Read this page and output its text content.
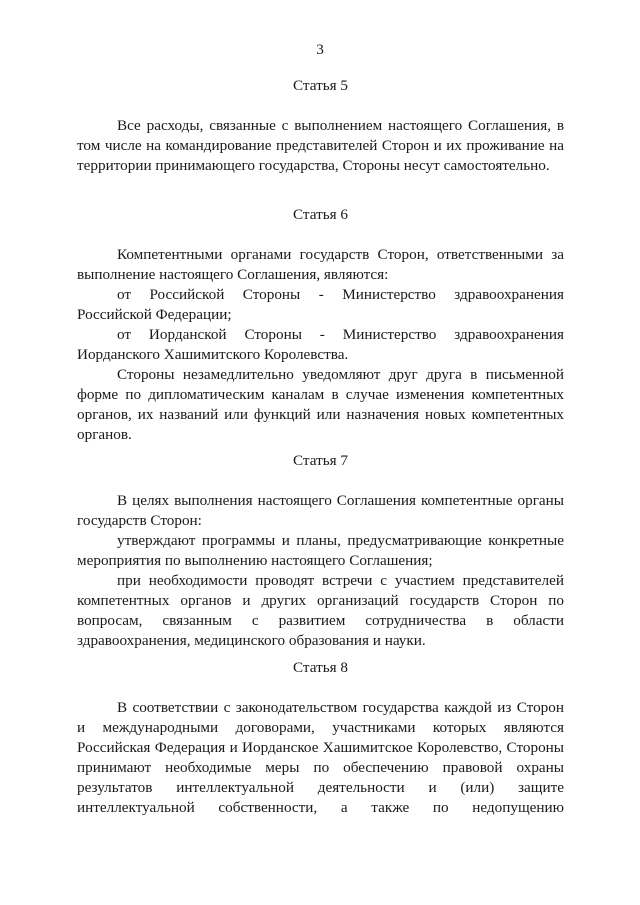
3

Статья 5

Все расходы, связанные с выполнением настоящего Соглашения, в том числе на командирование представителей Сторон и их проживание на территории принимающего государства, Стороны несут самостоятельно.

Статья 6

Компетентными органами государств Сторон, ответственными за выполнение настоящего Соглашения, являются:

от Российской Стороны - Министерство здравоохранения Российской Федерации;

от Иорданской Стороны - Министерство здравоохранения Иорданского Хашимитского Королевства.

Стороны незамедлительно уведомляют друг друга в письменной форме по дипломатическим каналам в случае изменения компетентных органов, их названий или функций или назначения новых компетентных органов.

Статья 7

В целях выполнения настоящего Соглашения компетентные органы государств Сторон:

утверждают программы и планы, предусматривающие конкретные мероприятия по выполнению настоящего Соглашения;

при необходимости проводят встречи с участием представителей компетентных органов и других организаций государств Сторон по вопросам, связанным с развитием сотрудничества в области здравоохранения, медицинского образования и науки.

Статья 8

В соответствии с законодательством государства каждой из Сторон и международными договорами, участниками которых являются Российская Федерация и Иорданское Хашимитское Королевство, Стороны принимают необходимые меры по обеспечению правовой охраны результатов интеллектуальной деятельности и (или) защите интеллектуальной собственности, а также по недопущению
